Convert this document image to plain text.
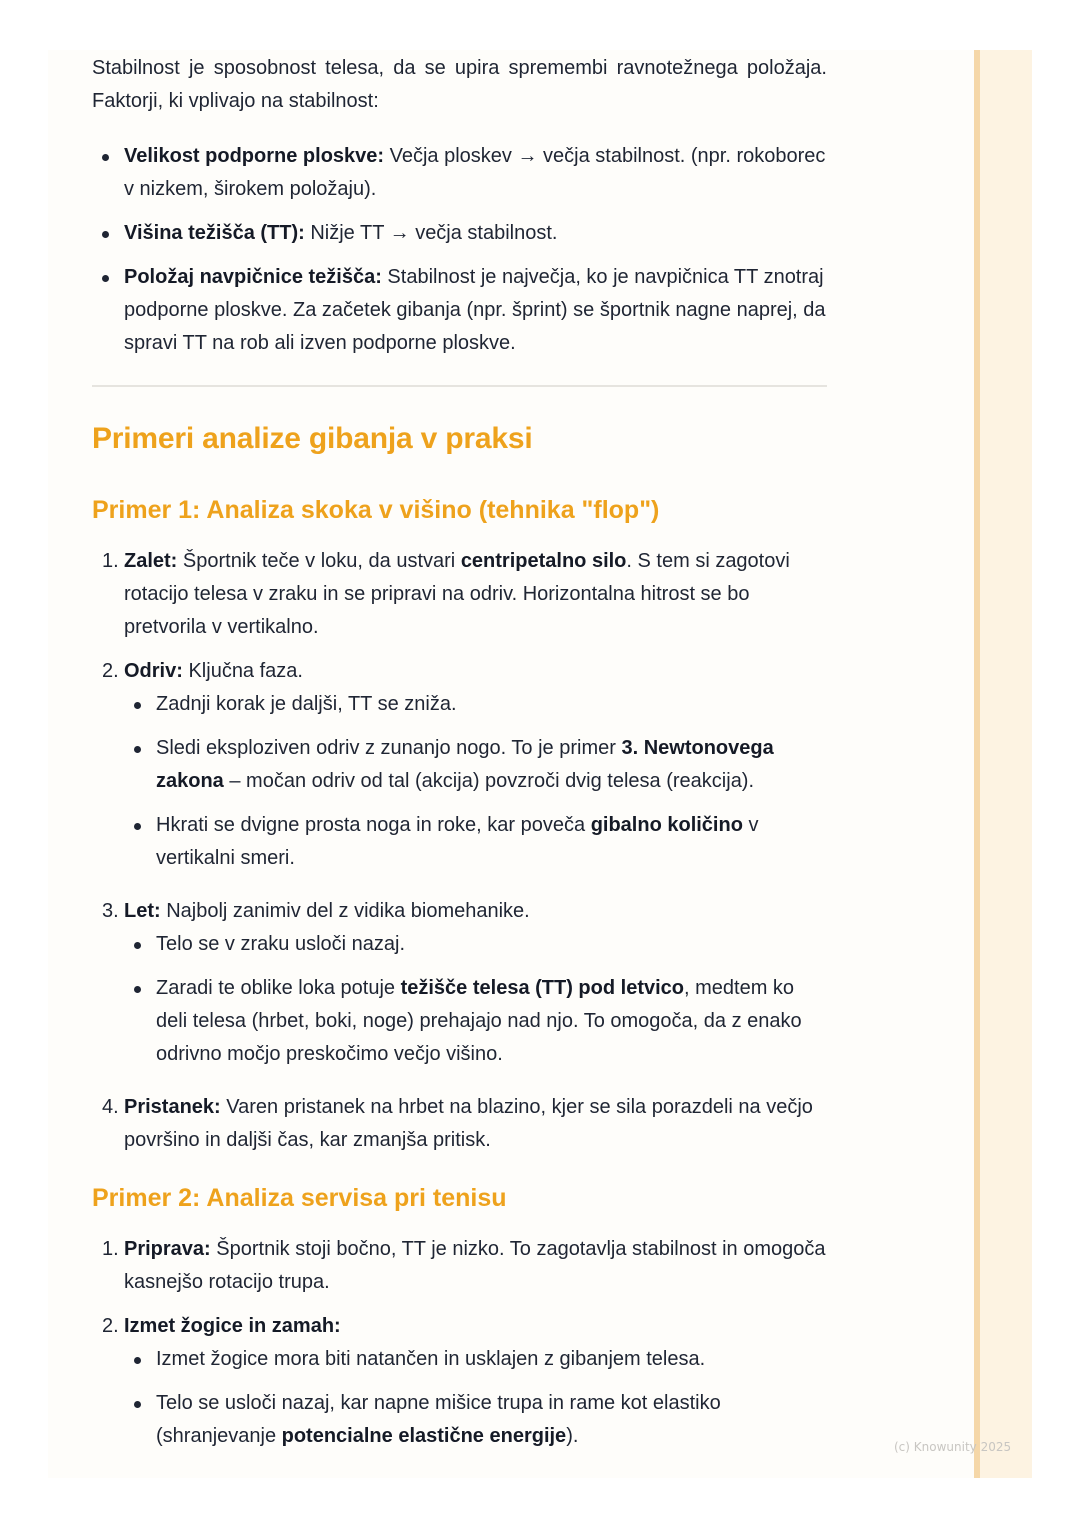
Stabilnost je sposobnost telesa, da se upira spremembi ravnotežnega položaja. Faktorji, ki vplivajo na stabilnost:

Velikost podporne ploskve: Večja ploskev → večja stabilnost. (npr. rokoborec v nizkem, širokem položaju).
Višina težišča (TT): Nižje TT → večja stabilnost.
Položaj navpičnice težišča: Stabilnost je največja, ko je navpičnica TT znotraj podporne ploskve. Za začetek gibanja (npr. šprint) se športnik nagne naprej, da spravi TT na rob ali izven podporne ploskve.
Primeri analize gibanja v praksi
Primer 1: Analiza skoka v višino (tehnika "flop")
1. Zalet: Športnik teče v loku, da ustvari centripetalno silo. S tem si zagotovi rotacijo telesa v zraku in se pripravi na odriv. Horizontalna hitrost se bo pretvorila v vertikalno.
2. Odriv: Ključna faza.
Zadnji korak je daljši, TT se zniža.
Sledi eksploziven odriv z zunanjo nogo. To je primer 3. Newtonovega zakona – močan odriv od tal (akcija) povzroči dvig telesa (reakcija).
Hkrati se dvigne prosta noga in roke, kar poveča gibalno količino v vertikalni smeri.
3. Let: Najbolj zanimiv del z vidika biomehanike.
Telo se v zraku usloči nazaj.
Zaradi te oblike loka potuje težišče telesa (TT) pod letvico, medtem ko deli telesa (hrbet, boki, noge) prehajajo nad njo. To omogoča, da z enako odrivno močjo preskočimo večjo višino.
4. Pristanek: Varen pristanek na hrbet na blazino, kjer se sila porazdeli na večjo površino in daljši čas, kar zmanjša pritisk.
Primer 2: Analiza servisa pri tenisu
1. Priprava: Športnik stoji bočno, TT je nizko. To zagotavlja stabilnost in omogoča kasnejšo rotacijo trupa.
2. Izmet žogice in zamah:
Izmet žogice mora biti natančen in usklajen z gibanjem telesa.
Telo se usloči nazaj, kar napne mišice trupa in rame kot elastiko (shranjevanje potencialne elastične energije).	(c) Knowunity 2025
